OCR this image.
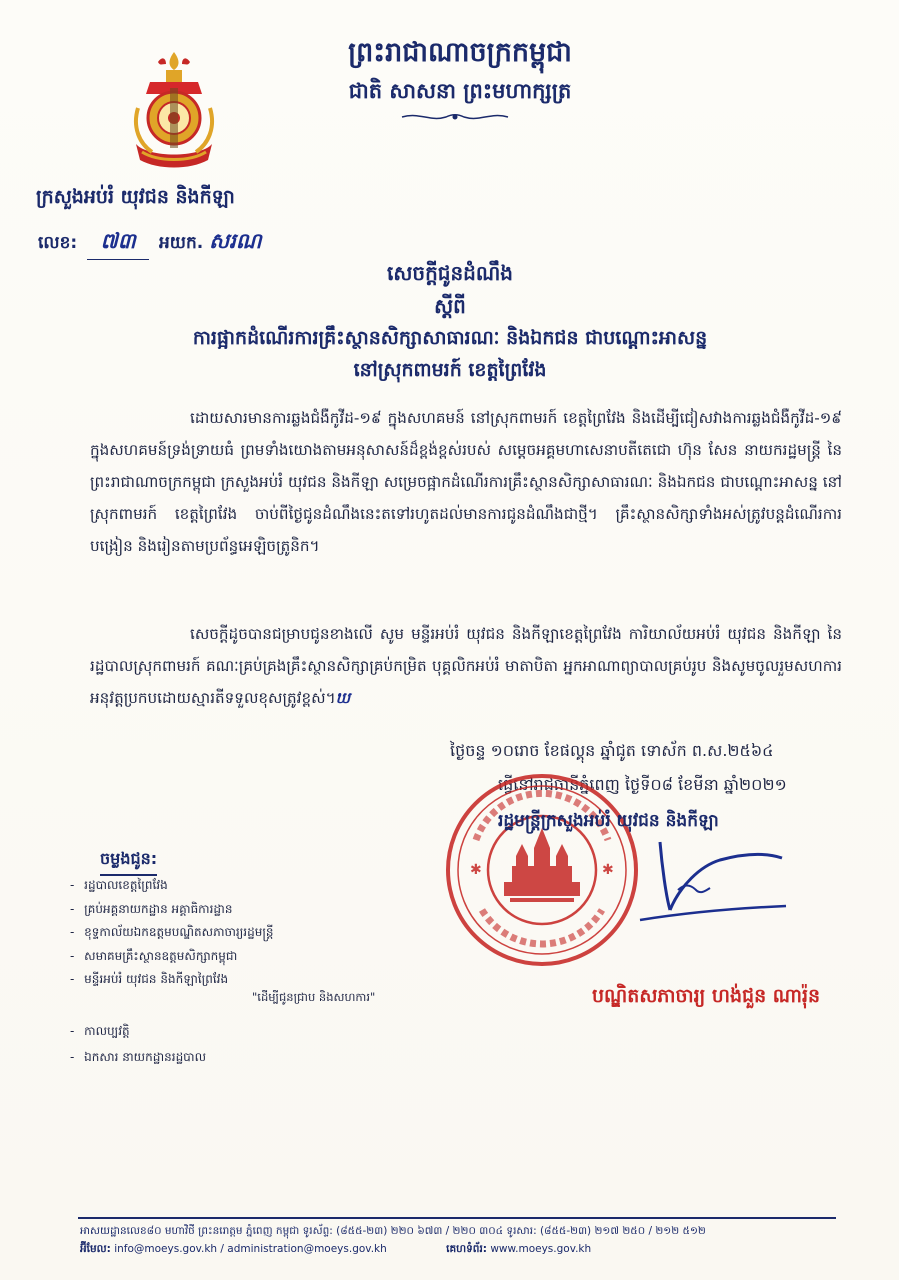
ព្រះរាជាណាចក្រកម្ពុជា
ជាតិ សាសនា ព្រះមហាក្សត្រ
ក្រសួងអប់រំ យុវជន និងកីឡា
លេខ: ៧៣ អយក. សរណ
សេចក្តីជូនដំណឹង
ស្តីពី
ការផ្អាកដំណើរការគ្រឹះស្ថានសិក្សាសាធារណៈ និងឯកជន ជាបណ្តោះអាសន្ន
នៅស្រុកពាមរក៍ ខេត្តព្រៃវែង
ដោយសារមានការឆ្លងជំងឺកូវីដ-១៩ ក្នុងសហគមន៍ នៅស្រុកពាមរក៍ ខេត្តព្រៃវែង និងដើម្បីជៀសវាងការឆ្លងជំងឺកូវីដ-១៩ ក្នុងសហគមន៍ទ្រង់ទ្រាយធំ ព្រមទាំងយោងតាមអនុសាសន៍ដ៏ខ្ពង់ខ្ពស់របស់ សម្តេចអគ្គមហាសេនាបតីតេជោ ហ៊ុន សែន នាយករដ្ឋមន្ត្រី នៃព្រះរាជាណាចក្រកម្ពុជា ក្រសួងអប់រំ យុវជន និងកីឡា សម្រេចផ្អាកដំណើរការគ្រឹះស្ថានសិក្សាសាធារណៈ និងឯកជន ជាបណ្តោះអាសន្ន នៅស្រុកពាមរក៍ ខេត្តព្រៃវែង ចាប់ពីថ្ងៃជូនដំណឹងនេះតទៅរហូតដល់មានការជូនដំណឹងជាថ្មី។ គ្រឹះស្ថានសិក្សាទាំងអស់ត្រូវបន្តដំណើរការបង្រៀន និងរៀនតាមប្រព័ន្ធអេឡិចត្រូនិក។
សេចក្តីដូចបានជម្រាបជូនខាងលើ សូម មន្ទីរអប់រំ យុវជន និងកីឡាខេត្តព្រៃវែង ការិយាល័យអប់រំ យុវជន និងកីឡា នៃរដ្ឋបាលស្រុកពាមរក៍ គណៈគ្រប់គ្រងគ្រឹះស្ថានសិក្សាគ្រប់កម្រិត បុគ្គលិកអប់រំ មាតាបិតា អ្នកអាណាព្យាបាលគ្រប់រូប និងសូមចូលរួមសហការអនុវត្តប្រកបដោយស្មារតីទទួលខុសត្រូវខ្ពស់។ឃ
ថ្ងៃចន្ទ ១០រោច ខែផល្គុន ឆ្នាំជូត ទោស័ក ព.ស.២៥៦៤
ធ្វើនៅរាជធានីភ្នំពេញ ថ្ងៃទី០៨ ខែមីនា ឆ្នាំ២០២១
✱	✱
រដ្ឋមន្ត្រីក្រសួងអប់រំ យុវជន និងកីឡា
បណ្ឌិតសភាចារ្យ ហង់ជួន ណារ៉ុន
ចម្លងជូន:
- រដ្ឋបាលខេត្តព្រៃវែង
- គ្រប់អគ្គនាយកដ្ឋាន អគ្គាធិការដ្ឋាន
- ខុទ្ទកាល័យឯកឧត្តមបណ្ឌិតសភាចារ្យរដ្ឋមន្ត្រី
- សមាគមគ្រឹះស្ថានឧត្តមសិក្សាកម្ពុជា
- មន្ទីរអប់រំ យុវជន និងកីឡាព្រៃវែង
"ដើម្បីជូនជ្រាប និងសហការ"
- កាលប្បវត្តិ
- ឯកសារ នាយកដ្ឋានរដ្ឋបាល
អាសយដ្ឋានលេខ៨០ មហាវិថី ព្រះនរោត្តម ភ្នំពេញ កម្ពុជា ទូរស័ព្ទ: (៨៥៥-២៣) ២២០ ៦៧៣ / ២២០ ៣០៤ ទូរសារ: (៨៥៥-២៣) ២១៧ ២៥០ / ២១២ ៥១២
អ៊ីមែល: info@moeys.gov.kh / administration@moeys.gov.kh	គេហទំព័រ: www.moeys.gov.kh
